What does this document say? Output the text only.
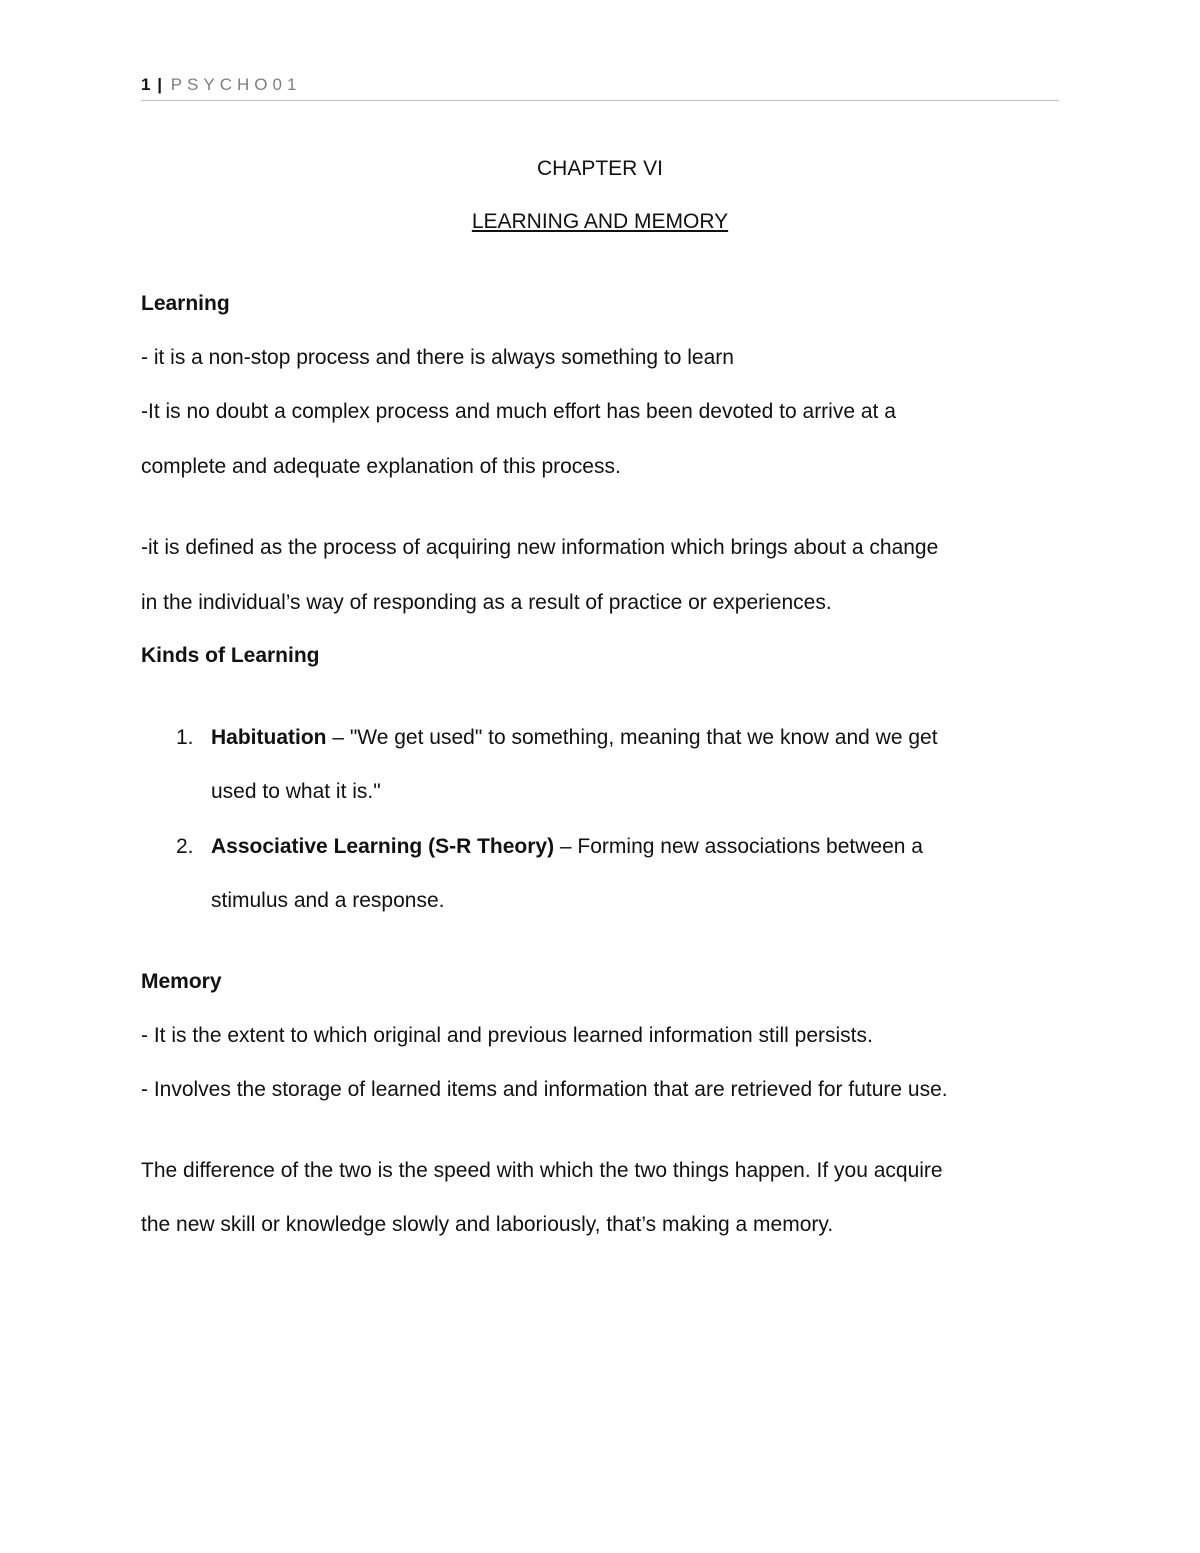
1 | PSYCHO01
CHAPTER VI
LEARNING AND MEMORY
Learning
- it is a non-stop process and there is always something to learn
-It is no doubt a complex process and much effort has been devoted to arrive at a
complete and adequate explanation of this process.
-it is defined as the process of acquiring new information which brings about a change
in the individual’s way of responding as a result of practice or experiences.
Kinds of Learning
1. Habituation – "We get used" to something, meaning that we know and we get
used to what it is."
2. Associative Learning (S-R Theory) – Forming new associations between a
stimulus and a response.
Memory
- It is the extent to which original and previous learned information still persists.
- Involves the storage of learned items and information that are retrieved for future use.
The difference of the two is the speed with which the two things happen. If you acquire
the new skill or knowledge slowly and laboriously, that’s making a memory.
